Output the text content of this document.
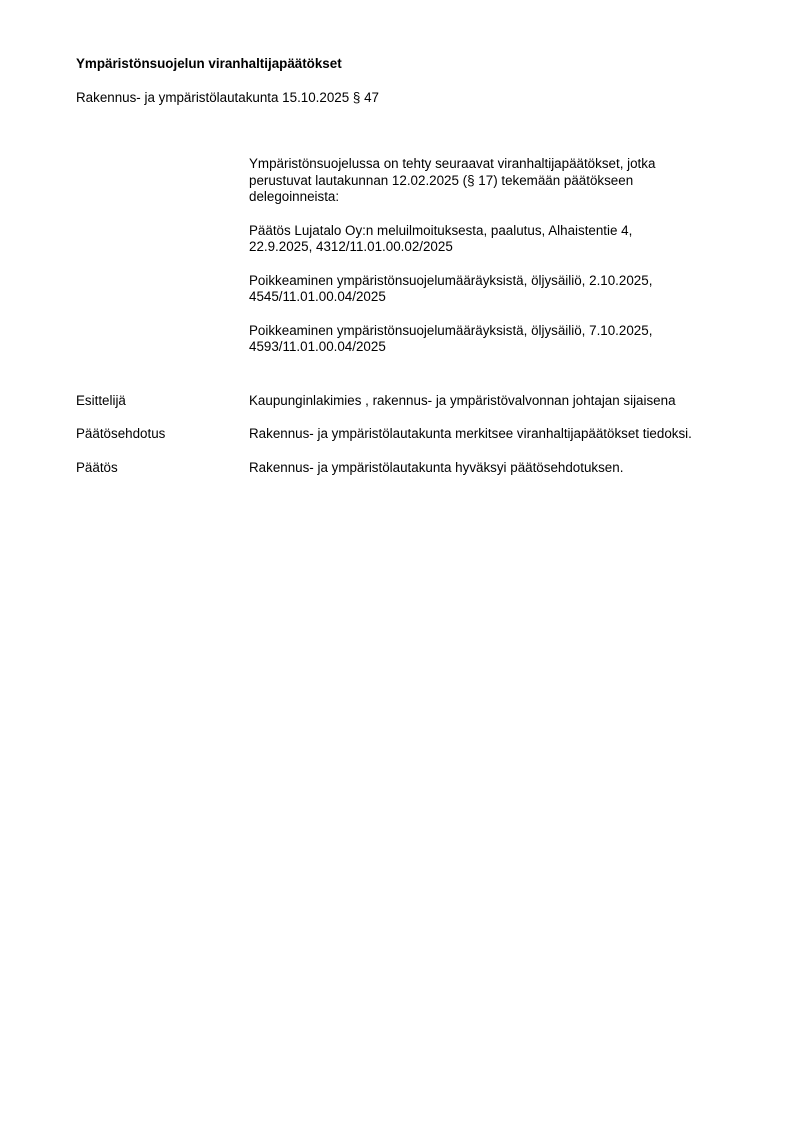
Ympäristönsuojelun viranhaltijapäätökset
Rakennus- ja ympäristölautakunta 15.10.2025 § 47

Ympäristönsuojelussa on tehty seuraavat viranhaltijapäätökset, jotka
perustuvat lautakunnan 12.02.2025 (§ 17) tekemään päätökseen
delegoinneista:

Päätös Lujatalo Oy:n meluilmoituksesta, paalutus, Alhaistentie 4,
22.9.2025, 4312/11.01.00.02/2025

Poikkeaminen ympäristönsuojelumääräyksistä, öljysäiliö, 2.10.2025,
4545/11.01.00.04/2025

Poikkeaminen ympäristönsuojelumääräyksistä, öljysäiliö, 7.10.2025,
4593/11.01.00.04/2025

Esittelijä	Kaupunginlakimies , rakennus- ja ympäristövalvonnan johtajan sijaisena
Päätösehdotus	Rakennus- ja ympäristölautakunta merkitsee viranhaltijapäätökset tiedoksi.
Päätös	Rakennus- ja ympäristölautakunta hyväksyi päätösehdotuksen.
